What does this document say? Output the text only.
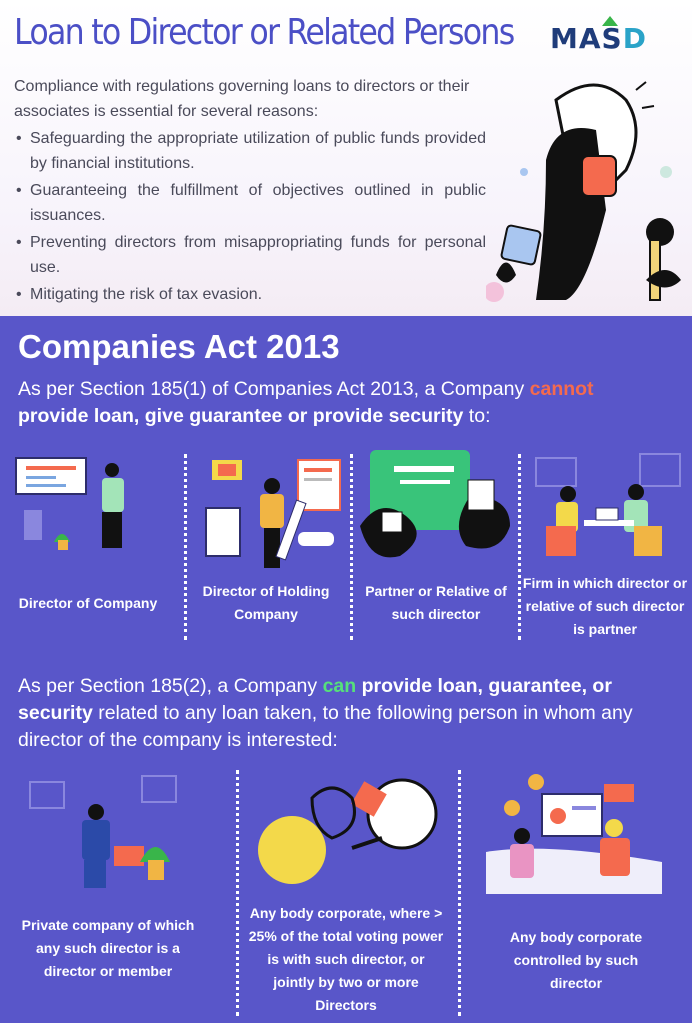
Loan to Director or Related Persons MASD
Compliance with regulations governing loans to directors or their associates is essential for several reasons:
• Safeguarding the appropriate utilization of public funds provided by financial institutions.
• Guaranteeing the fulfillment of objectives outlined in public issuances.
• Preventing directors from misappropriating funds for personal use.
• Mitigating the risk of tax evasion.
Companies Act 2013
As per Section 185(1) of Companies Act 2013, a Company cannot
provide loan, give guarantee or provide security to:
Director of Company
Director of Holding Company
Partner or Relative of such director
Firm in which director or relative of such director is partner
As per Section 185(2), a Company can provide loan, guarantee, or security related to any loan taken, to the following person in whom any director of the company is interested:
Private company of which any such director is a director or member
Any body corporate, where > 25% of the total voting power is with such director, or jointly by two or more Directors
Any body corporate controlled by such director
